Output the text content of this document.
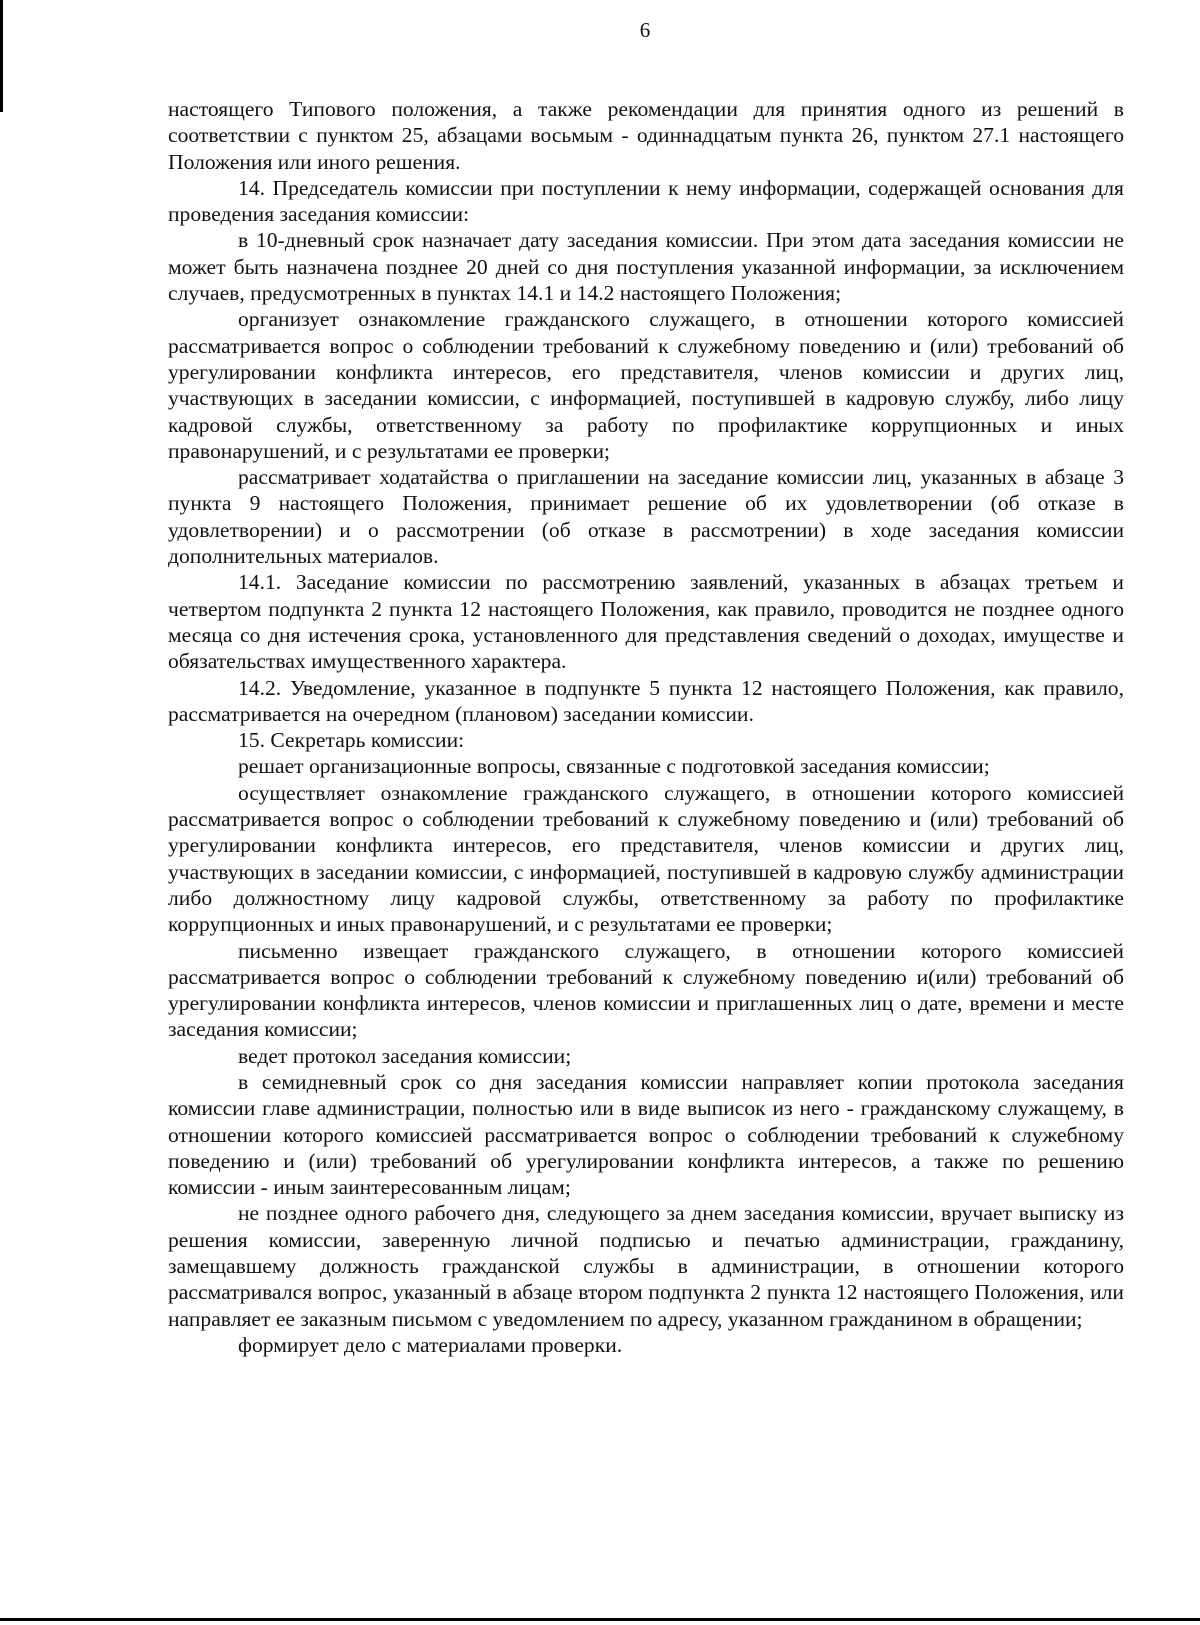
6

настоящего Типового положения, а также рекомендации для принятия одного из решений в соответствии с пунктом 25, абзацами восьмым - одиннадцатым пункта 26, пунктом 27.1 настоящего Положения или иного решения.

14. Председатель комиссии при поступлении к нему информации, содержащей основания для проведения заседания комиссии:

в 10-дневный срок назначает дату заседания комиссии. При этом дата заседания комиссии не может быть назначена позднее 20 дней со дня поступления указанной информации, за исключением случаев, предусмотренных в пунктах 14.1 и 14.2 настоящего Положения;

организует ознакомление гражданского служащего, в отношении которого комиссией рассматривается вопрос о соблюдении требований к служебному поведению и (или) требований об урегулировании конфликта интересов, его представителя, членов комиссии и других лиц, участвующих в заседании комиссии, с информацией, поступившей в кадровую службу, либо лицу кадровой службы, ответственному за работу по профилактике коррупционных и иных правонарушений, и с результатами ее проверки;

рассматривает ходатайства о приглашении на заседание комиссии лиц, указанных в абзаце 3 пункта 9 настоящего Положения, принимает решение об их удовлетворении (об отказе в удовлетворении) и о рассмотрении (об отказе в рассмотрении) в ходе заседания комиссии дополнительных материалов.

14.1. Заседание комиссии по рассмотрению заявлений, указанных в абзацах третьем и четвертом подпункта 2 пункта 12 настоящего Положения, как правило, проводится не позднее одного месяца со дня истечения срока, установленного для представления сведений о доходах, имуществе и обязательствах имущественного характера.

14.2. Уведомление, указанное в подпункте 5 пункта 12 настоящего Положения, как правило, рассматривается на очередном (плановом) заседании комиссии.

15. Секретарь комиссии:

решает организационные вопросы, связанные с подготовкой заседания комиссии;

осуществляет ознакомление гражданского служащего, в отношении которого комиссией рассматривается вопрос о соблюдении требований к служебному поведению и (или) требований об урегулировании конфликта интересов, его представителя, членов комиссии и других лиц, участвующих в заседании комиссии, с информацией, поступившей в кадровую службу администрации либо должностному лицу кадровой службы, ответственному за работу по профилактике коррупционных и иных правонарушений, и с результатами ее проверки;

письменно извещает гражданского служащего, в отношении которого комиссией рассматривается вопрос о соблюдении требований к служебному поведению и(или) требований об урегулировании конфликта интересов, членов комиссии и приглашенных лиц о дате, времени и месте заседания комиссии;

ведет протокол заседания комиссии;

в семидневный срок со дня заседания комиссии направляет копии протокола заседания комиссии главе администрации, полностью или в виде выписок из него - гражданскому служащему, в отношении которого комиссией рассматривается вопрос о соблюдении требований к служебному поведению и (или) требований об урегулировании конфликта интересов, а также по решению комиссии - иным заинтересованным лицам;

не позднее одного рабочего дня, следующего за днем заседания комиссии, вручает выписку из решения комиссии, заверенную личной подписью и печатью администрации, гражданину, замещавшему должность гражданской службы в администрации, в отношении которого рассматривался вопрос, указанный в абзаце втором подпункта 2 пункта 12 настоящего Положения, или направляет ее заказным письмом с уведомлением по адресу, указанном гражданином в обращении;

формирует дело с материалами проверки.
